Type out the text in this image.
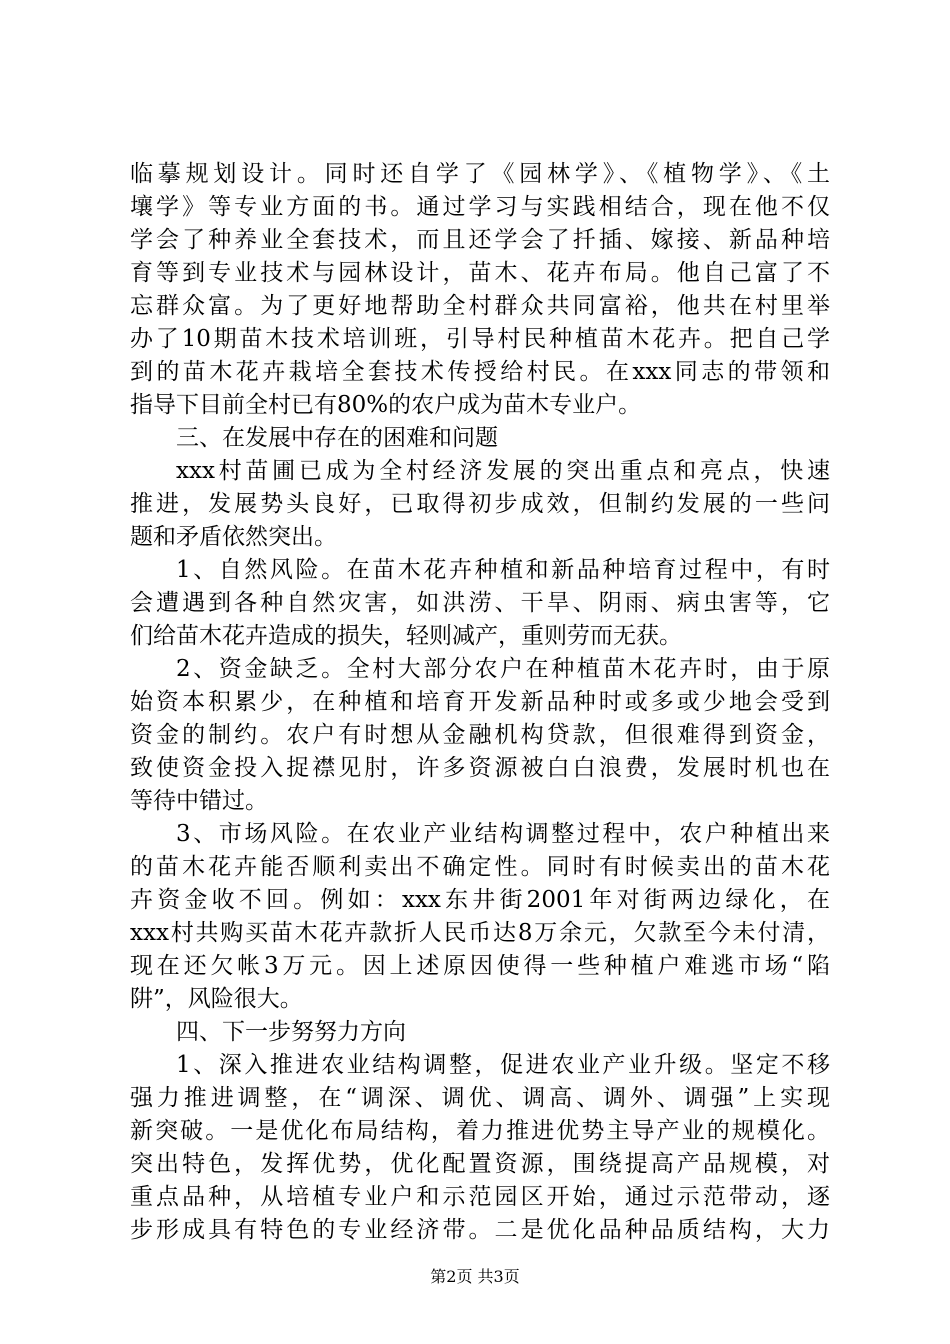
临摹规划设计。同时还自学了《园林学》、《植物学》、《土
壤学》等专业方面的书。通过学习与实践相结合，现在他不仅
学会了种养业全套技术，而且还学会了扦插、嫁接、新品种培
育等到专业技术与园林设计，苗木、花卉布局。他自己富了不
忘群众富。为了更好地帮助全村群众共同富裕，他共在村里举
办了10期苗木技术培训班，引导村民种植苗木花卉。把自己学
到的苗木花卉栽培全套技术传授给村民。在xxx同志的带领和
指导下目前全村已有80%的农户成为苗木专业户。
三、在发展中存在的困难和问题
xxx村苗圃已成为全村经济发展的突出重点和亮点，快速
推进，发展势头良好，已取得初步成效，但制约发展的一些问
题和矛盾依然突出。
1、自然风险。在苗木花卉种植和新品种培育过程中，有时
会遭遇到各种自然灾害，如洪涝、干旱、阴雨、病虫害等，它
们给苗木花卉造成的损失，轻则减产，重则劳而无获。
2、资金缺乏。全村大部分农户在种植苗木花卉时，由于原
始资本积累少，在种植和培育开发新品种时或多或少地会受到
资金的制约。农户有时想从金融机构贷款，但很难得到资金，
致使资金投入捉襟见肘，许多资源被白白浪费，发展时机也在
等待中错过。
3、市场风险。在农业产业结构调整过程中，农户种植出来
的苗木花卉能否顺利卖出不确定性。同时有时候卖出的苗木花
卉资金收不回。例如：xxx东井街2001年对街两边绿化，在
xxx村共购买苗木花卉款折人民币达8万余元，欠款至今未付清，
现在还欠帐3万元。因上述原因使得一些种植户难逃市场“陷
阱”，风险很大。
四、下一步努努力方向
1、深入推进农业结构调整，促进农业产业升级。坚定不移
强力推进调整，在“调深、调优、调高、调外、调强”上实现
新突破。一是优化布局结构，着力推进优势主导产业的规模化。
突出特色，发挥优势，优化配置资源，围绕提高产品规模，对
重点品种，从培植专业户和示范园区开始，通过示范带动，逐
步形成具有特色的专业经济带。二是优化品种品质结构，大力
第2页 共3页
